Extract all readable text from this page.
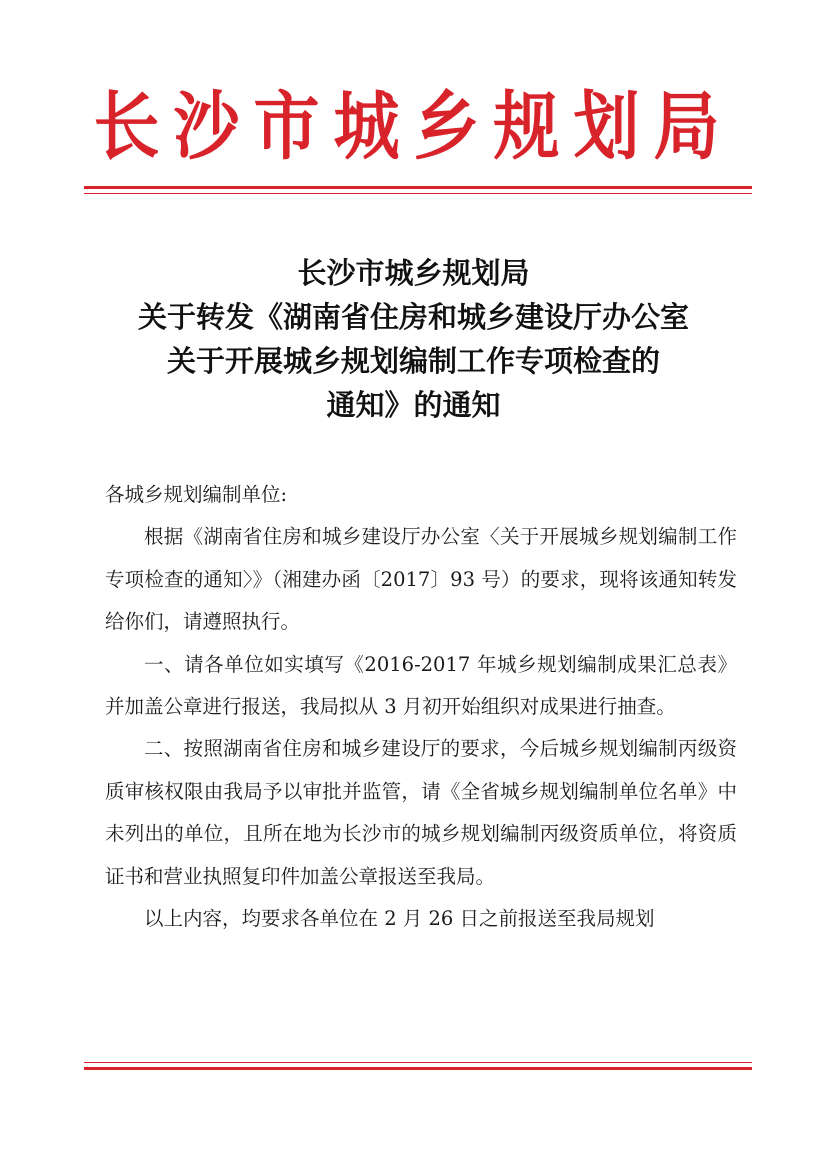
长沙市城乡规划局
长沙市城乡规划局
关于转发《湖南省住房和城乡建设厅办公室
关于开展城乡规划编制工作专项检查的
通知》的通知

各城乡规划编制单位:

根据《湖南省住房和城乡建设厅办公室〈关于开展城乡规划编制工作专项检查的通知〉》（湘建办函〔2017〕93 号）的要求，现将该通知转发给你们，请遵照执行。

一、请各单位如实填写《2016-2017 年城乡规划编制成果汇总表》并加盖公章进行报送，我局拟从 3 月初开始组织对成果进行抽查。

二、按照湖南省住房和城乡建设厅的要求，今后城乡规划编制丙级资质审核权限由我局予以审批并监管，请《全省城乡规划编制单位名单》中未列出的单位，且所在地为长沙市的城乡规划编制丙级资质单位，将资质证书和营业执照复印件加盖公章报送至我局。

以上内容，均要求各单位在 2 月 26 日之前报送至我局规划
